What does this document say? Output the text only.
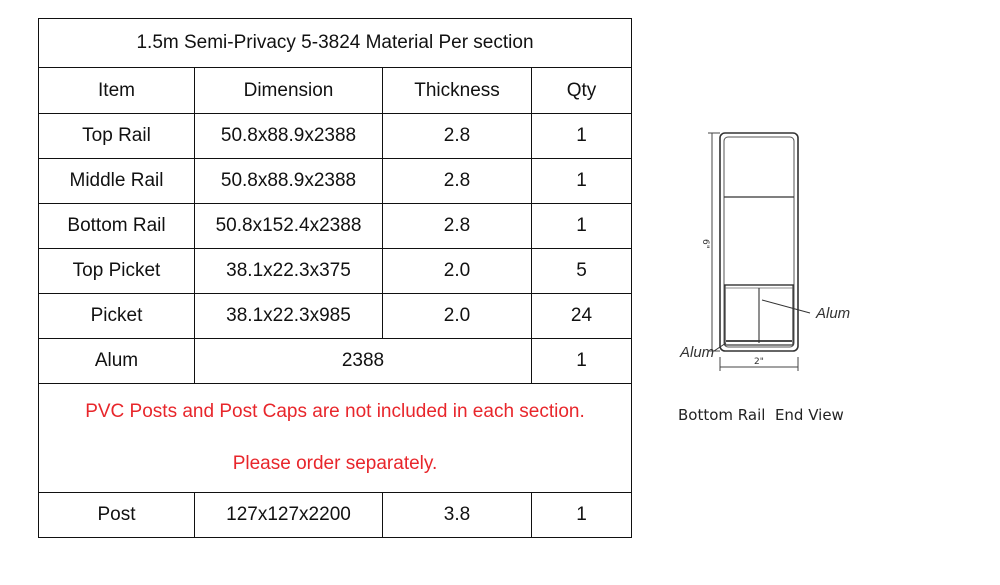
1.5m Semi-Privacy 5-3824 Material Per section			
Item	Dimension	Thickness	Qty
Top Rail	50.8x88.9x2388	2.8	1
Middle Rail	50.8x88.9x2388	2.8	1
Bottom Rail	50.8x152.4x2388	2.8	1
Top Picket	38.1x22.3x375	2.0	5
Picket	38.1x22.3x985	2.0	24
Alum	2388		1

PVC Posts and Post Caps are not included in each section.
Please order separately.			

Post	127x127x2200	3.8	1
6"
2"
Alum
Alum
Bottom Rail  End View
